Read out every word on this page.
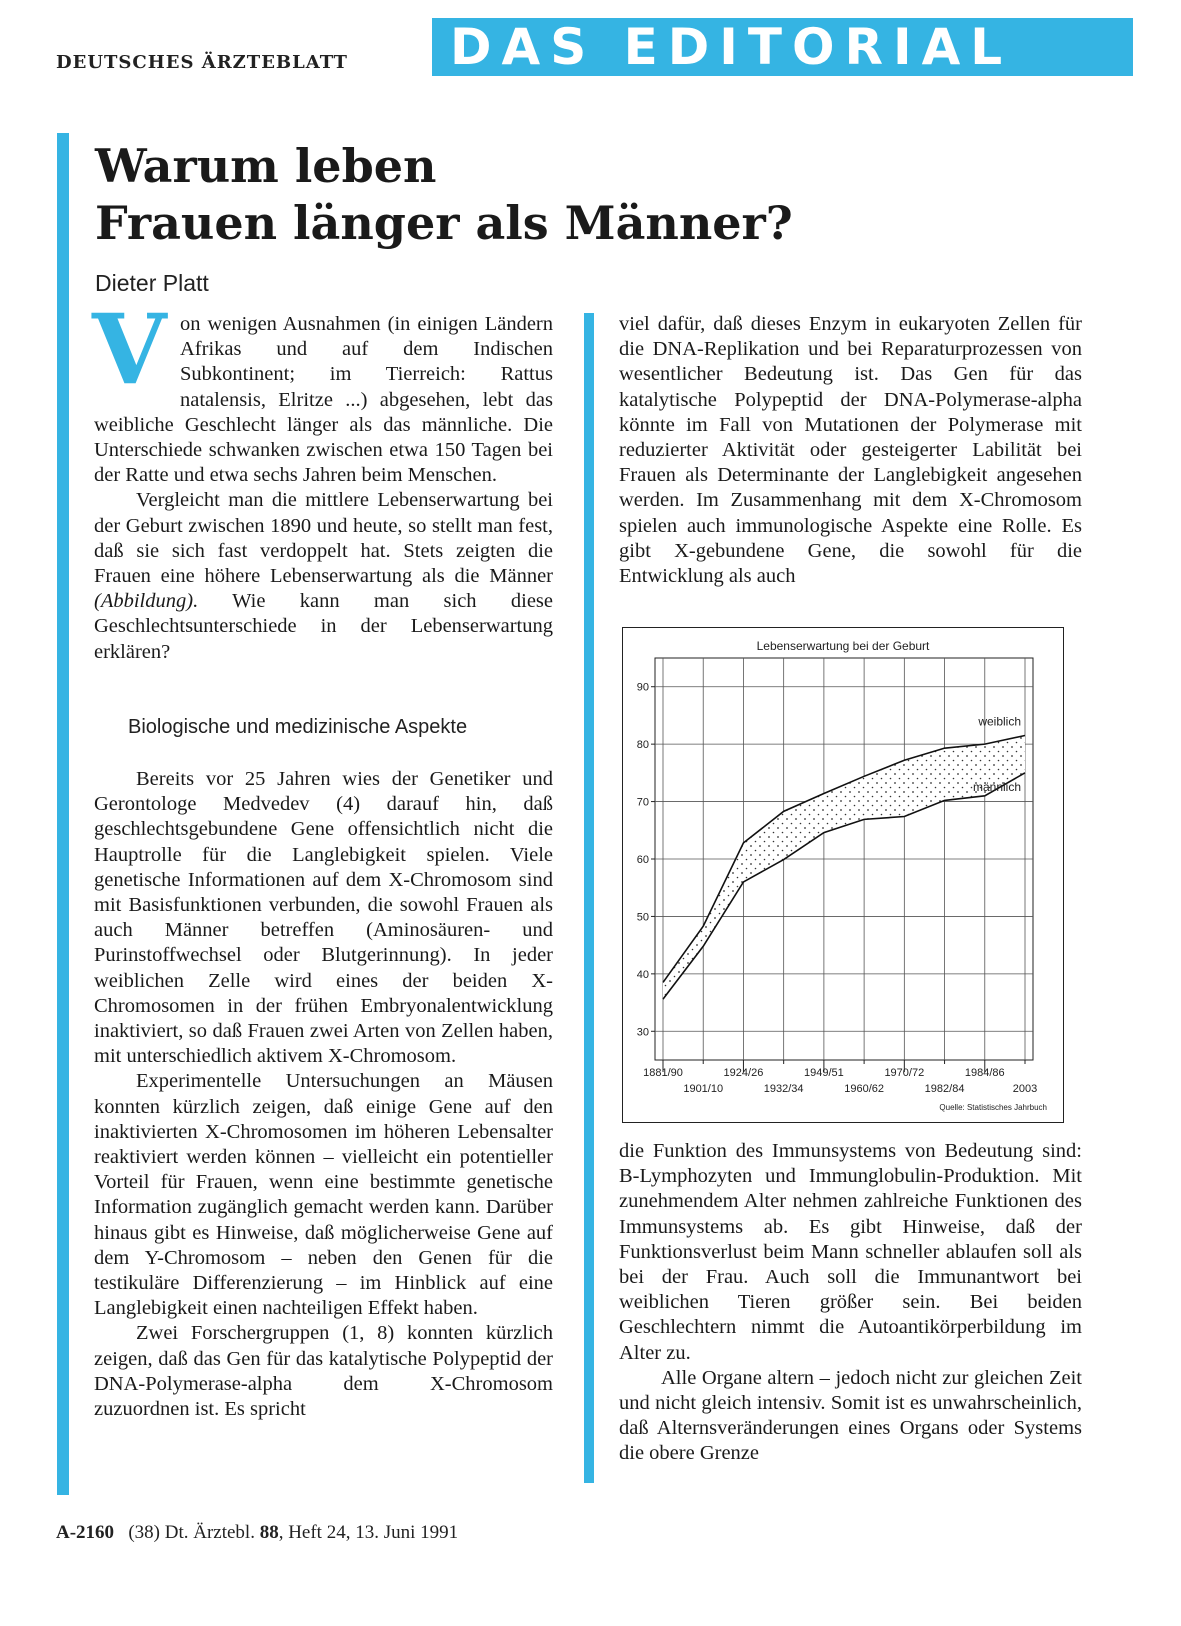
DEUTSCHES ÄRZTEBLATT DAS EDITORIAL
Warum leben
Frauen länger als Männer?
Dieter Platt
V on wenigen Ausnahmen (in einigen Ländern Afrikas und auf dem Indischen Subkontinent; im Tierreich: Rattus natalensis, Elritze ...) abgesehen, lebt das weibliche Geschlecht länger als das männliche. Die Unterschiede schwanken zwischen etwa 150 Tagen bei der Ratte und etwa sechs Jahren beim Menschen.

Vergleicht man die mittlere Lebenserwartung bei der Geburt zwischen 1890 und heute, so stellt man fest, daß sie sich fast verdoppelt hat. Stets zeigten die Frauen eine höhere Lebenserwartung als die Männer (Abbildung). Wie kann man sich diese Geschlechtsunterschiede in der Lebenserwartung erklären?

Biologische und medizinische Aspekte

Bereits vor 25 Jahren wies der Genetiker und Gerontologe Medvedev (4) darauf hin, daß geschlechtsgebundene Gene offensichtlich nicht die Hauptrolle für die Langlebigkeit spielen. Viele genetische Informationen auf dem X-Chromosom sind mit Basisfunktionen verbunden, die sowohl Frauen als auch Männer betreffen (Aminosäuren- und Purinstoffwechsel oder Blutgerinnung). In jeder weiblichen Zelle wird eines der beiden X-Chromosomen in der frühen Embryonalentwicklung inaktiviert, so daß Frauen zwei Arten von Zellen haben, mit unterschiedlich aktivem X-Chromosom.

Experimentelle Untersuchungen an Mäusen konnten kürzlich zeigen, daß einige Gene auf den inaktivierten X-Chromosomen im höheren Lebensalter reaktiviert werden können – vielleicht ein potentieller Vorteil für Frauen, wenn eine bestimmte genetische Information zugänglich gemacht werden kann. Darüber hinaus gibt es Hinweise, daß möglicherweise Gene auf dem Y-Chromosom – neben den Genen für die testikuläre Differenzierung – im Hinblick auf eine Langlebigkeit einen nachteiligen Effekt haben.

Zwei Forschergruppen (1, 8) konnten kürzlich zeigen, daß das Gen für das katalytische Polypeptid der DNA-Polymerase-alpha dem X-Chromosom zuzuordnen ist. Es spricht

viel dafür, daß dieses Enzym in eukaryoten Zellen für die DNA-Replikation und bei Reparaturprozessen von wesentlicher Bedeutung ist. Das Gen für das katalytische Polypeptid der DNA-Polymerase-alpha könnte im Fall von Mutationen der Polymerase mit reduzierter Aktivität oder gesteigerter Labilität bei Frauen als Determinante der Langlebigkeit angesehen werden. Im Zusammenhang mit dem X-Chromosom spielen auch immunologische Aspekte eine Rolle. Es gibt X-gebundene Gene, die sowohl für die Entwicklung als auch

30
40
50
60
70
80
90
weiblich
männlich
Lebenserwartung bei der Geburt
1881/90	1924/26	1949/51	1970/72	1984/86
1901/10	1932/34	1960/62	1982/84	2003
Quelle: Statistisches Jahrbuch

die Funktion des Immunsystems von Bedeutung sind: B-Lymphozyten und Immunglobulin-Produktion. Mit zunehmendem Alter nehmen zahlreiche Funktionen des Immunsystems ab. Es gibt Hinweise, daß der Funktionsverlust beim Mann schneller ablaufen soll als bei der Frau. Auch soll die Immunantwort bei weiblichen Tieren größer sein. Bei beiden Geschlechtern nimmt die Autoantikörperbildung im Alter zu.

Alle Organe altern – jedoch nicht zur gleichen Zeit und nicht gleich intensiv. Somit ist es unwahrscheinlich, daß Alternsveränderungen eines Organs oder Systems die obere Grenze

A-2160 (38) Dt. Ärztebl. 88, Heft 24, 13. Juni 1991
